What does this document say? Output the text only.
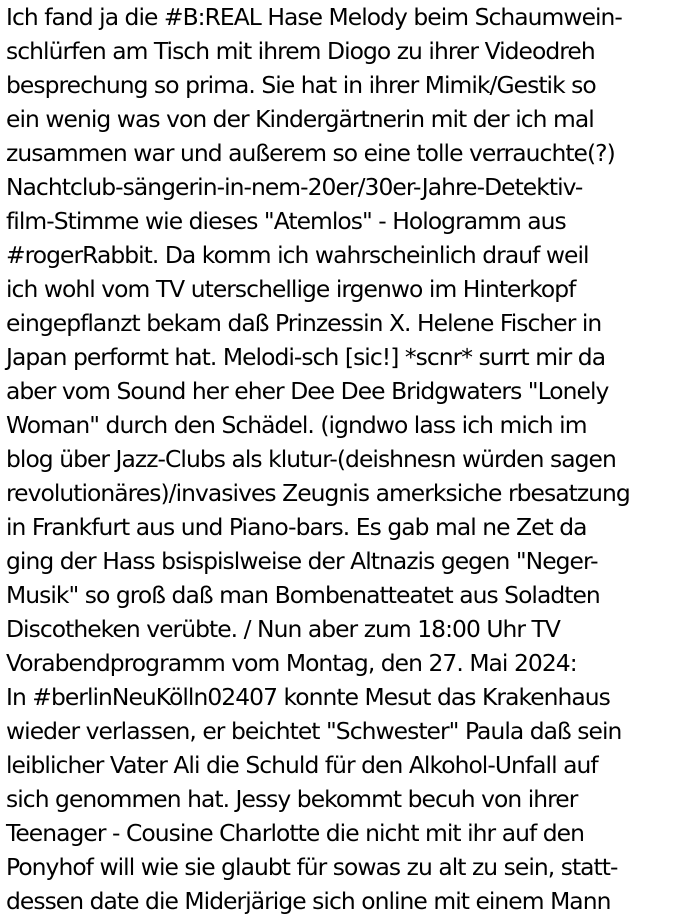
Ich fand ja die #B:REAL Hase Melody beim Schaumwein-
schlürfen am Tisch mit ihrem Diogo zu ihrer Videodreh
besprechung so prima. Sie hat in ihrer Mimik/Gestik so
ein wenig was von der Kindergärtnerin mit der ich mal
zusammen war und außerem so eine tolle verrauchte(?)
Nachtclub-sängerin-in-nem-20er/30er-Jahre-Detektiv-
film-Stimme wie dieses "Atemlos" - Hologramm aus
#rogerRabbit. Da komm ich wahrscheinlich drauf weil
ich wohl vom TV uterschellige irgenwo im Hinterkopf
eingepflanzt bekam daß Prinzessin X. Helene Fischer in
Japan performt hat. Melodi-sch [sic!] *scnr* surrt mir da
aber vom Sound her eher Dee Dee Bridgwaters "Lonely
Woman" durch den Schädel. (igndwo lass ich mich im
blog über Jazz-Clubs als klutur-(deishnesn würden sagen
revolutionäres)/invasives Zeugnis amerksiche rbesatzung
in Frankfurt aus und Piano-bars. Es gab mal ne Zet da
ging der Hass bsispislweise der Altnazis gegen "Neger-
Musik" so groß daß man Bombenatteatet aus Soladten
Discotheken verübte. / Nun aber zum 18:00 Uhr TV
Vorabendprogramm vom Montag, den 27. Mai 2024:
In #berlinNeuKölln02407 konnte Mesut das Krakenhaus
wieder verlassen, er beichtet "Schwester" Paula daß sein
leiblicher Vater Ali die Schuld für den Alkohol-Unfall auf
sich genommen hat. Jessy bekommt becuh von ihrer
Teenager - Cousine Charlotte die nicht mit ihr auf den
Ponyhof will wie sie glaubt für sowas zu alt zu sein, statt-
dessen date die Miderjärige sich online mit einem Mann
